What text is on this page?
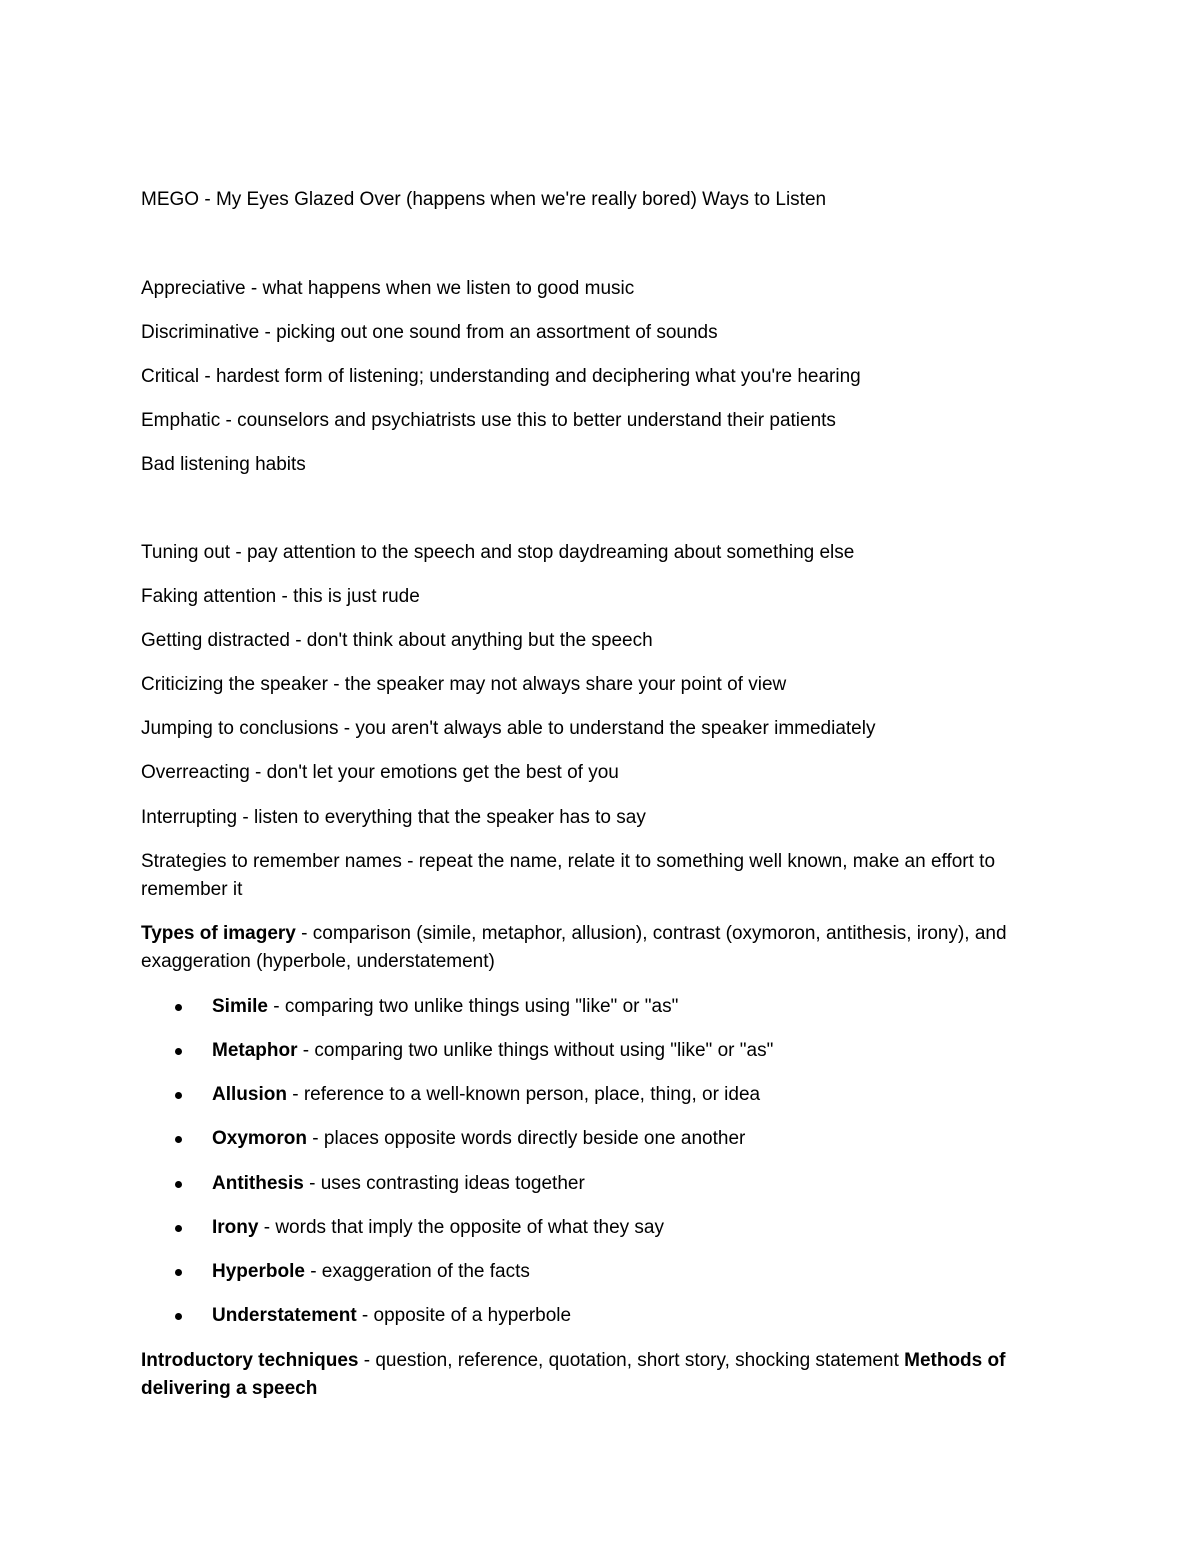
MEGO - My Eyes Glazed Over (happens when we're really bored) Ways to Listen
Appreciative - what happens when we listen to good music
Discriminative - picking out one sound from an assortment of sounds
Critical - hardest form of listening; understanding and deciphering what you're hearing
Emphatic - counselors and psychiatrists use this to better understand their patients
Bad listening habits
Tuning out - pay attention to the speech and stop daydreaming about something else
Faking attention - this is just rude
Getting distracted - don't think about anything but the speech
Criticizing the speaker - the speaker may not always share your point of view
Jumping to conclusions - you aren't always able to understand the speaker immediately
Overreacting - don't let your emotions get the best of you
Interrupting - listen to everything that the speaker has to say
Strategies to remember names - repeat the name, relate it to something well known, make an effort to remember it
Types of imagery - comparison (simile, metaphor, allusion), contrast (oxymoron, antithesis, irony), and exaggeration (hyperbole, understatement)
Simile - comparing two unlike things using "like" or "as"
Metaphor - comparing two unlike things without using "like" or "as"
Allusion - reference to a well-known person, place, thing, or idea
Oxymoron - places opposite words directly beside one another
Antithesis - uses contrasting ideas together
Irony - words that imply the opposite of what they say
Hyperbole - exaggeration of the facts
Understatement - opposite of a hyperbole
Introductory techniques - question, reference, quotation, short story, shocking statement Methods of delivering a speech
